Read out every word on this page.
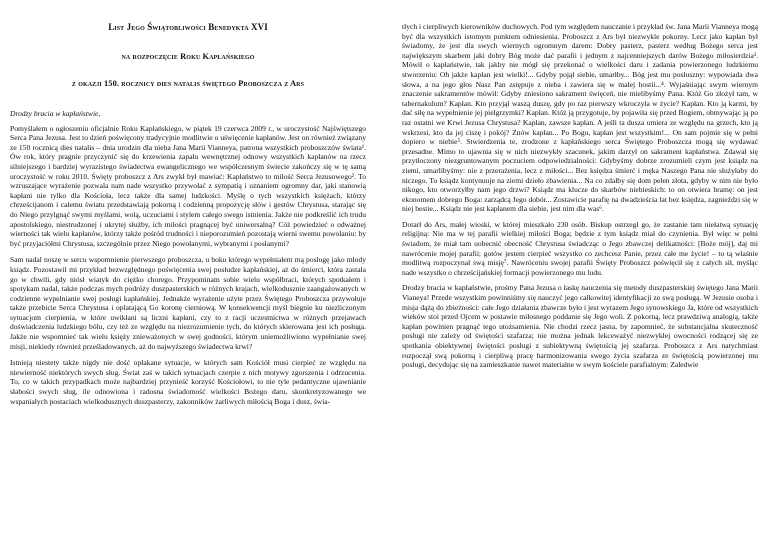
List Jego Świątobliwości Benedykta XVI
na rozpoczęcie Roku Kapłańskiego
z okazji 150. rocznicy dies natalis świętego Proboszcza z Ars

Drodzy bracia w kapłaństwie,

Pomyślałem o ogłoszeniu oficjalnie Roku Kapłańskiego, w piątek 19 czerwca 2009 r., w uroczystość Najświętszego Serca Pana Jezusa. Jest to dzień poświęcony tradycyjnie modlitwie o uświęcenie kapłanów. Jest on również związany ze 150 rocznicą dies natalis – dnia urodzin dla nieba Jana Marii Vianneya, patrona wszystkich proboszczów świata¹. Ów rok, który pragnie przyczynić się do krzewienia zapału wewnętrznej odnowy wszystkich kapłanów na rzecz silniejszego i bardziej wyrazistego świadectwa ewangelicznego we współczesnym świecie zakończy się w tę samą uroczystość w roku 2010. Święty proboszcz z Ars zwykł był mawiać: Kapłaństwo to miłość Serca Jezusowego². To wzruszające wyrażenie pozwala nam nade wszystko przywołać z sympatią i uznaniem ogromny dar, jaki stanowią kapłani nie tylko dla Kościoła, lecz także dla samej ludzkości. Myślę o tych wszystkich księżach, którzy chrześcijanom i całemu światu przedstawiają pokorną i codzienną propozycję słów i gestów Chrystusa, starając się do Niego przylgnąć swymi myślami, wolą, uczuciami i stylem całego swego istnienia. Jakże nie podkreślić ich trudu apostolskiego, niestrudzonej i ukrytej służby, ich miłości pragnącej być uniwersalną? Cóż powiedzieć o odważnej wierności tak wielu kapłanów, którzy także pośród trudności i nieporozumień pozostają wierni swemu powołaniu: by być przyjaciółmi Chrystusa, szczególnie przez Niego powołanymi, wybranymi i posłanymi?

Sam nadal noszę w sercu wspomnienie pierwszego proboszcza, u boku którego wypełniałem mą posługę jako młody ksiądz. Pozostawił mi przykład bezwzględnego poświęcenia swej posłudze kapłańskiej, aż do śmierci, która zastała go w chwili, gdy niósł wiatyk do ciężko chorego. Przypominam sobie wielu współbraci, których spotkałem i spotykam nadal, także podczas mych podróży duszpasterskich w różnych krajach, wielkodusznie zaangażowanych w codzienne wypełnianie swej posługi kapłańskiej. Jednakże wyrażenie użyte przez Świętego Proboszcza przywołuje także przebicie Serca Chrystusa i oplatającą Go koronę cierniową. W konsekwencji myśl biegnie ku niezliczonym sytuacjom cierpienia, w które uwikłani są liczni kapłani, czy to z racji uczestnictwa w różnych przejawach doświadczenia ludzkiego bólu, czy też ze względu na niezrozumienie tych, do których skierowana jest ich posługa. Jakże nie wspomnieć tak wielu księży znieważonych w swej godności, którym uniemożliwiono wypełnianie swej misji, niekiedy również prześladowanych, aż do najwyższego świadectwa krwi?

Istnieją niestety także nigdy nie dość opłakane sytuacje, w których sam Kościół musi cierpieć ze względu na niewierność niektórych swych sług. Świat zaś w takich sytuacjach czerpie z nich motywy zgorszenia i odrzucenia. To, co w takich przypadkach może najbardziej przynieść korzyść Kościołowi, to nie tyle pedantyczne ujawnianie słabości swych sług, ile odnowiona i radosna świadomość wielkości Bożego daru, skonkretyzowanego we wspaniałych postaciach wielkodusznych duszpasterzy, zakonników żarliwych miłością Boga i dusz, świa-

tłych i cierpliwych kierowników duchowych. Pod tym względem nauczanie i przykład św. Jana Marii Vianneya mogą być dla wszystkich istotnym punktem odniesienia. Proboszcz z Ars był niezwykle pokorny. Lecz jako kapłan był świadomy, że jest dla swych wiernych ogromnym darem: Dobry pasterz, pasterz według Bożego serca jest największym skarbem jaki dobry Bóg może dać parafii i jednym z najcenniejszych darów Bożego miłosierdzia³. Mówił o kapłaństwie, tak jakby nie mógł się przekonać o wielkości daru i zadania powierzonego ludzkiemu stworzeniu: Oh jakże kapłan jest wielki!... Gdyby pojął siebie, umarłby... Bóg jest mu posłuszny: wypowiada dwa słowa, a na jego głos Nasz Pan zstępuje z nieba i zawiera się w małej hostii...⁴. Wyjaśniając swym wiernym znaczenie sakramentów mówił: Gdyby zniesiono sakrament święceń, nie mielibyśmy Pana. Któż Go złożył tam, w tabernakulum? Kapłan. Kto przyjął waszą duszę, gdy po raz pierwszy wkroczyła w życie? Kapłan. Kto ją karmi, by dać siłę na wypełnienie jej pielgrzymki? Kapłan. Któż ją przygotuje, by pojawiła się przed Bogiem, obmywając ją po raz ostatni we Krwi Jezusa Chrystusa? Kapłan, zawsze kapłan. A jeśli ta dusza umiera ze względu na grzech, kto ją wskrzesi, kto da jej ciszę i pokój? Znów kapłan... Po Bogu, kapłan jest wszystkim!... On sam pojmie się w pełni dopiero w niebie⁵. Stwierdzenia te, zrodzone z kapłańskiego serca Świętego Proboszcza mogą się wydawać przesadne. Mimo to ujawnia się w nich niezwykły szacunek, jakim darzył on sakrament kapłaństwa. Zdawał się przytłoczony niezgruntowanym poczuciem odpowiedzialności: Gdybyśmy dobrze zrozumieli czym jest ksiądz na ziemi, umarlibyśmy: nie z przerażenia, lecz z miłości... Bez księdza śmierć i męka Naszego Pana nie służyłaby do niczego. To ksiądz kontynuuje na ziemi dzieło zbawienia... Na co zdałby się dom pełen złota, gdyby w nim nie było nikogo, kto otworzyłby nam jego drzwi? Ksiądz ma klucze do skarbów niebieskich: to on otwiera bramę: on jest ekonomem dobrego Boga: zarządcą Jego dobór... Zostawicie parafię na dwadzieścia lat bez księdza, zagnieździ się w niej bestie... Ksiądz nie jest kapłanem dla siebie, jest nim dla was⁶.

Dotarł do Ars, małej wioski, w której mieszkało 230 osób. Biskup ostrzegł go, że zastanie tam niełatwą sytuację religijną: Nie ma w tej parafii wielkiej miłości Boga; będzie z tym ksiądz miał do czynienia. Był więc w pełni świadom, że miał tam uobecnić obecność Chrystusa świadcząc o Jego zbawczej delikatności: [Boże mój], daj mi nawrócenie mojej parafii; gotów jestem cierpieć wszystko co zechcesz Panie, przez całe me życie! – to tą właśnie modlitwą rozpoczynał swą misję⁷. Nawróceniu swojej parafii Święty Proboszcz poświęcił się z całych sił, myśląc nade wszystko o chrześcijańskiej formacji powierzonego mu ludu.

Drodzy bracia w kapłaństwie, prośmy Pana Jezusa o łaskę nauczenia się metody duszpasterskiej świętego Jana Marii Vianeya! Przede wszystkim powinniśmy się nauczyć jego całkowitej identyfikacji ze swą posługą. W Jezusie osoba i misja dążą do zbieżności: całe Jego działania zbawcze było i jest wyrazem Jego synowskiego Ja, które od wszystkich wieków stoi przed Ojcem w postawie miłosnego poddanie się Jego woli. Z pokorną, lecz prawdziwą analogią, także kapłan powinien pragnąć tego utożsamienia. Nie chodzi rzecz jasna, by zapomnieć, że substancjalna skuteczność posługi nie zależy od świętości szafarza; nie można jednak lekceważyć niezwykłej owocności rodzącej się ze spotkania obiektywnej świętości posługi z subiektywną świętością jej szafarza. Proboszcz z Ars natychmiast rozpoczął swą pokorną i cierpliwą pracę harmonizowania swego życia szafarza ze świętością powierzonej mu posługi, decydując się na zamieszkanie nawet materialne w swym kościele parafialnym: Zaledwie
